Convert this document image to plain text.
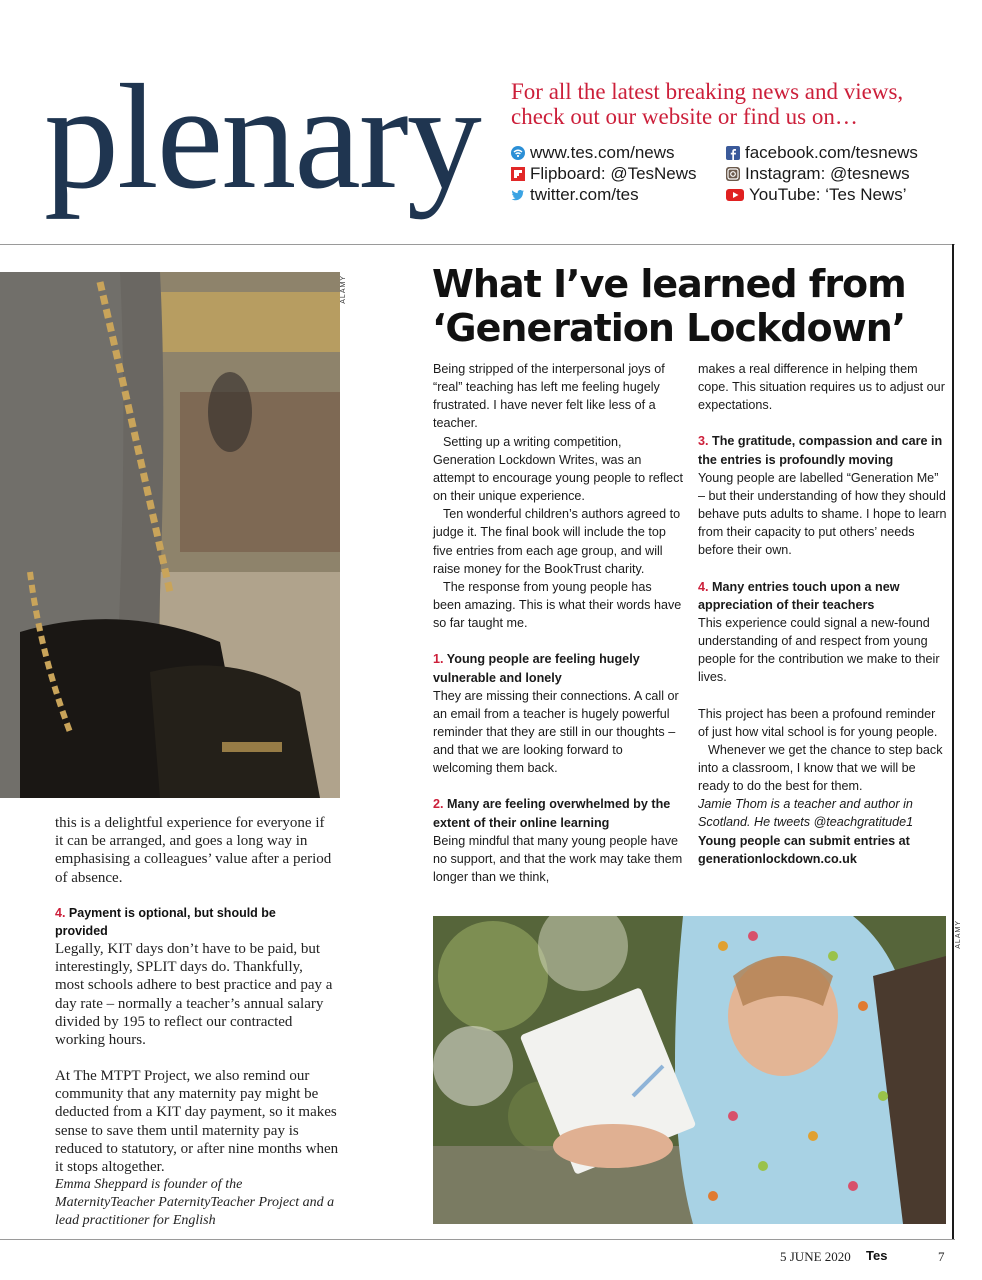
plenary For all the latest breaking news and views, check out our website or find us on…
www.tes.com/news	facebook.com/tesnews
Flipboard: @TesNews	Instagram: @tesnews
twitter.com/tes	YouTube: ‘Tes News’
ALAMY
this is a delightful experience for everyone if it can be arranged, and goes a long way in emphasising a colleagues’ value after a period of absence.
4. Payment is optional, but should be provided
Legally, KIT days don’t have to be paid, but interestingly, SPLIT days do. Thankfully, most schools adhere to best practice and pay a day rate – normally a teacher’s annual salary divided by 195 to reflect our contracted working hours.
At The MTPT Project, we also remind our community that any maternity pay might be deducted from a KIT day payment, so it makes sense to save them until maternity pay is reduced to statutory, or after nine months when it stops altogether.
Emma Sheppard is founder of the MaternityTeacher PaternityTeacher Project and a lead practitioner for English
What I’ve learned from ‘Generation Lockdown’

Being stripped of the interpersonal joys of “real” teaching has left me feeling hugely frustrated. I have never felt like less of a teacher.

Setting up a writing competition, Generation Lockdown Writes, was an attempt to encourage young people to reflect on their unique experience.

Ten wonderful children’s authors agreed to judge it. The final book will include the top five entries from each age group, and will raise money for the BookTrust charity.

The response from young people has been amazing. This is what their words have so far taught me.

1. Young people are feeling hugely vulnerable and lonely

They are missing their connections. A call or an email from a teacher is hugely powerful reminder that they are still in our thoughts – and that we are looking forward to welcoming them back.

2. Many are feeling overwhelmed by the extent of their online learning

Being mindful that many young people have no support, and that the work may take them longer than we think,

makes a real difference in helping them cope. This situation requires us to adjust our expectations.

3. The gratitude, compassion and care in the entries is profoundly moving

Young people are labelled “Generation Me” – but their understanding of how they should behave puts adults to shame. I hope to learn from their capacity to put others’ needs before their own.

4. Many entries touch upon a new appreciation of their teachers

This experience could signal a new-found understanding of and respect from young people for the contribution we make to their lives.

This project has been a profound reminder of just how vital school is for young people.

Whenever we get the chance to step back into a classroom, I know that we will be ready to do the best for them.

Jamie Thom is a teacher and author in Scotland. He tweets @teachgratitude1

Young people can submit entries at generationlockdown.co.uk

ALAMY
5 JUNE 2020 Tes	7
